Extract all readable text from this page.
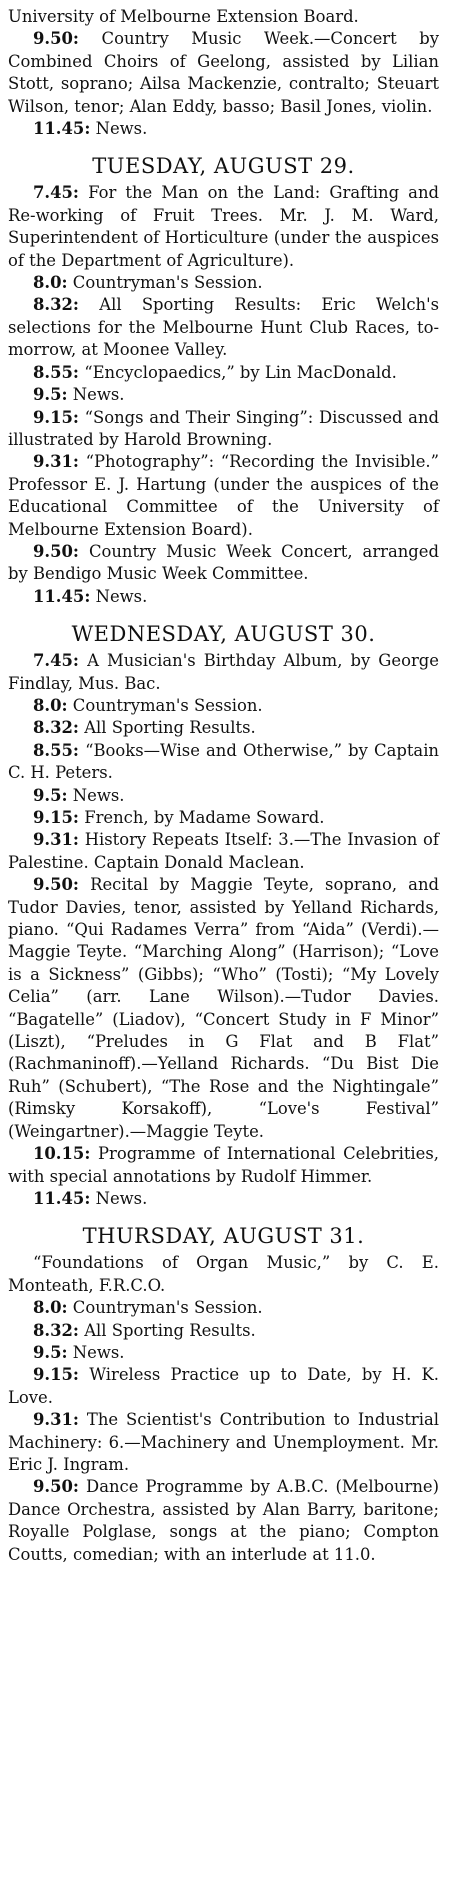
University of Melbourne Extension Board.

9.50: Country Music Week.—Concert by Combined Choirs of Geelong, assisted by Lilian Stott, soprano; Ailsa Mackenzie, contralto; Steuart Wilson, tenor; Alan Eddy, basso; Basil Jones, violin.

11.45: News.

TUESDAY, AUGUST 29.

7.45: For the Man on the Land: Grafting and Re-working of Fruit Trees. Mr. J. M. Ward, Superintendent of Horticulture (under the auspices of the Department of Agriculture).

8.0: Countryman's Session.

8.32: All Sporting Results: Eric Welch's selections for the Melbourne Hunt Club Races, to-morrow, at Moonee Valley.

8.55: “Encyclopaedics,” by Lin MacDonald.

9.5: News.

9.15: “Songs and Their Singing”: Discussed and illustrated by Harold Browning.

9.31: “Photography”: “Recording the Invisible.” Professor E. J. Hartung (under the auspices of the Educational Committee of the University of Melbourne Extension Board).

9.50: Country Music Week Concert, arranged by Bendigo Music Week Committee.

11.45: News.

WEDNESDAY, AUGUST 30.

7.45: A Musician's Birthday Album, by George Findlay, Mus. Bac.

8.0: Countryman's Session.

8.32: All Sporting Results.

8.55: “Books—Wise and Otherwise,” by Captain C. H. Peters.

9.5: News.

9.15: French, by Madame Soward.

9.31: History Repeats Itself: 3.—The Invasion of Palestine. Captain Donald Maclean.

9.50: Recital by Maggie Teyte, soprano, and Tudor Davies, tenor, assisted by Yelland Richards, piano. “Qui Radames Verra” from “Aida” (Verdi).—Maggie Teyte. “Marching Along” (Harrison); “Love is a Sickness” (Gibbs); “Who” (Tosti); “My Lovely Celia” (arr. Lane Wilson).—Tudor Davies. “Bagatelle” (Liadov), “Concert Study in F Minor” (Liszt), “Preludes in G Flat and B Flat” (Rachmaninoff).—Yelland Richards. “Du Bist Die Ruh” (Schubert), “The Rose and the Nightingale” (Rimsky Korsakoff), “Love's Festival” (Weingartner).—Maggie Teyte.

10.15: Programme of International Celebrities, with special annotations by Rudolf Himmer.

11.45: News.

THURSDAY, AUGUST 31.

“Foundations of Organ Music,” by C. E. Monteath, F.R.C.O.

8.0: Countryman's Session.

8.32: All Sporting Results.

9.5: News.

9.15: Wireless Practice up to Date, by H. K. Love.

9.31: The Scientist's Contribution to Industrial Machinery: 6.—Machinery and Unemployment. Mr. Eric J. Ingram.

9.50: Dance Programme by A.B.C. (Melbourne) Dance Orchestra, assisted by Alan Barry, baritone; Royalle Polglase, songs at the piano; Compton Coutts, comedian; with an interlude at 11.0.
